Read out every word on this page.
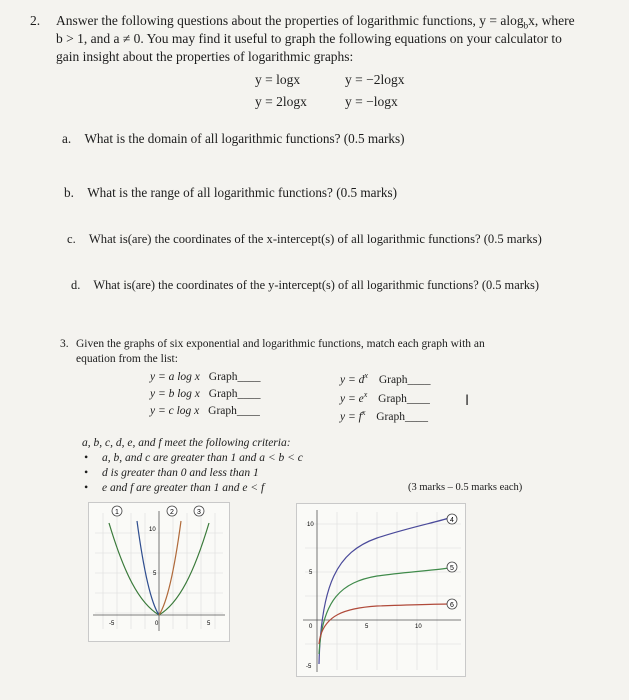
2. Answer the following questions about the properties of logarithmic functions, y = alog$_b$x, where
b > 1, and a ≠ 0. You may find it useful to graph the following equations on your calculator to
gain insight about the properties of logarithmic graphs:
y = logx	y = −2logx
y = 2logx	y = −logx
a. What is the domain of all logarithmic functions? (0.5 marks)
b. What is the range of all logarithmic functions? (0.5 marks)
c. What is(are) the coordinates of the x-intercept(s) of all logarithmic functions? (0.5 marks)
d. What is(are) the coordinates of the y-intercept(s) of all logarithmic functions? (0.5 marks)
3. Given the graphs of six exponential and logarithmic functions, match each graph with an
equation from the list:
y = a log x Graph____
y = b log x Graph____
y = c log x Graph____
$y = d^x$ Graph____
$y = e^x$ Graph____
$y = f^x$ Graph____
I
a, b, c, d, e, and f meet the following criteria:
• a, b, and c are greater than 1 and a < b < c
• d is greater than 0 and less than 1
• e and f are greater than 1 and e < f	(3 marks – 0.5 marks each)
1	2	3
-5	0	5
5
10
4
5
6
10
5
0	5	10
-5
